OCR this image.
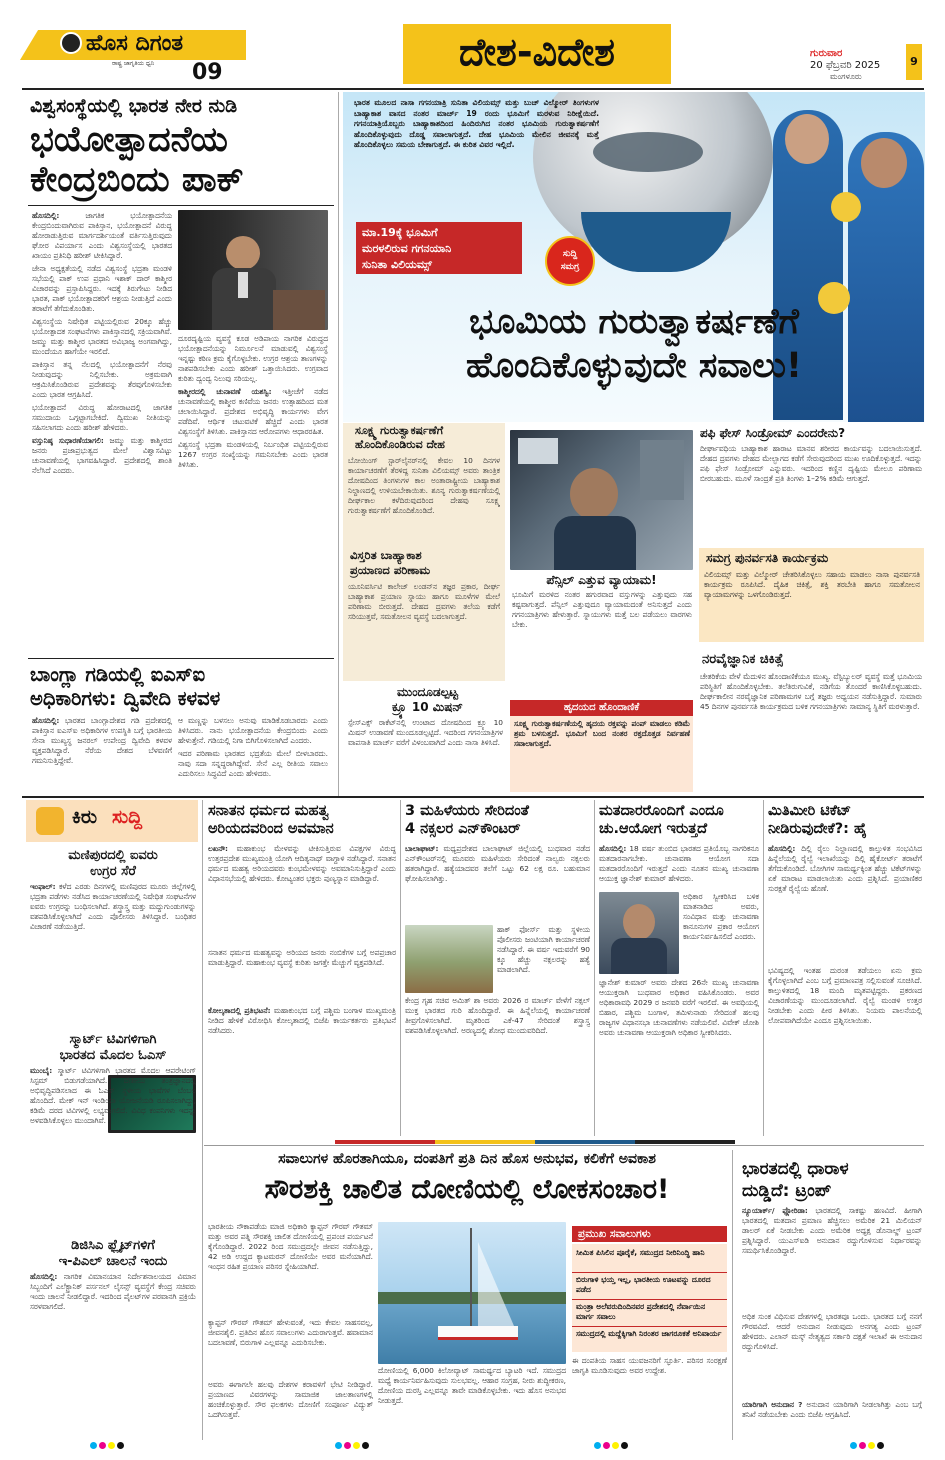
ಹೊಸ ದಿಗಂತ
ರಾಷ್ಟ್ರ ಜಾಗೃತಿಯ ಧ್ವನಿ 09	ದೇಶ-ವಿದೇಶ	ಗುರುವಾರ
20 ಫೆಬ್ರವರಿ 2025
ಮಂಗಳೂರು
9
ವಿಶ್ವಸಂಸ್ಥೆಯಲ್ಲಿ ಭಾರತ ನೇರ ನುಡಿ
ಭಯೋತ್ಪಾದನೆಯ
ಕೇಂದ್ರಬಿಂದು ಪಾಕ್
ಹೊಸದಿಲ್ಲಿ:	ಜಾಗತಿಕ ಭಯೋತ್ಪಾದನೆಯ ಕೇಂದ್ರಬಿಂದುವಾಗಿರುವ ಪಾಕಿಸ್ತಾನ, ಭಯೋತ್ಪಾದನೆ ವಿರುದ್ಧ ಹೋರಾಡುತ್ತಿರುವ ಮಾರ್ಗದರ್ಶಿಯಂತೆ ವರ್ತಿಸುತ್ತಿರುವುದು ಘೋರ ವಿಪರ್ಯಾಸ ಎಂದು ವಿಶ್ವಸಂಸ್ಥೆಯಲ್ಲಿ ಭಾರತದ ಖಾಯಂ ಪ್ರತಿನಿಧಿ ಹರೀಶ್ ಟೀಕಿಸಿದ್ದಾರೆ.
ಜೇನಾ ಅಧ್ಯಕ್ಷತೆಯಲ್ಲಿ ನಡೆದ ವಿಶ್ವಸಂಸ್ಥೆ ಭದ್ರತಾ ಮಂಡಳಿ ಸಭೆಯಲ್ಲಿ ಪಾಕ್ ಉಪ ಪ್ರಧಾನಿ ಇಶಾಕ್ ದಾರ್ ಕಾಶ್ಮೀರ ವಿಚಾರವನ್ನು ಪ್ರಸ್ತಾಪಿಸಿದ್ದರು. ಇದಕ್ಕೆ ತಿರುಗೇಟು ನೀಡಿದ ಭಾರತ, ಪಾಕ್ ಭಯೋತ್ಪಾದಕರಿಗೆ ಆಶ್ರಯ ನೀಡುತ್ತಿದೆ ಎಂದು ತರಾಟೆಗೆ ತೆಗೆದುಕೊಂಡಿತು.
ವಿಶ್ವಸಂಸ್ಥೆಯ ನಿಷೇಧಿತ ಪಟ್ಟಿಯಲ್ಲಿರುವ 20ಕ್ಕೂ ಹೆಚ್ಚು ಭಯೋತ್ಪಾದಕ ಸಂಘಟನೆಗಳು ಪಾಕಿಸ್ತಾನದಲ್ಲಿ ಸಕ್ರಿಯವಾಗಿವೆ. ಜಮ್ಮು ಮತ್ತು ಕಾಶ್ಮೀರ ಭಾರತದ ಅವಿಭಾಜ್ಯ ಅಂಗವಾಗಿದ್ದು, ಮುಂದೆಯೂ ಹಾಗೆಯೇ ಇರಲಿದೆ.
ಪಾಕಿಸ್ತಾನ ತನ್ನ ನೆಲದಲ್ಲಿ ಭಯೋತ್ಪಾದನೆಗೆ ನೆರವು ನೀಡುವುದನ್ನು ನಿಲ್ಲಿಸಬೇಕು. ಅಕ್ರಮವಾಗಿ ಆಕ್ರಮಿಸಿಕೊಂಡಿರುವ ಪ್ರದೇಶವನ್ನು ತೆರವುಗೊಳಿಸಬೇಕು ಎಂದು ಭಾರತ ಆಗ್ರಹಿಸಿದೆ.
ಭಯೋತ್ಪಾದನೆ ವಿರುದ್ಧ ಹೋರಾಟದಲ್ಲಿ ಜಾಗತಿಕ ಸಮುದಾಯ ಒಗ್ಗಟ್ಟಾಗಬೇಕಿದೆ. ದ್ವಿಮುಖ ನೀತಿಯನ್ನು ಸಹಿಸಲಾಗದು ಎಂದು ಹರೀಶ್ ಹೇಳಿದರು.
ವಸ್ತುನಿಷ್ಠ ಸುಧಾರಣೆಯಾಗಲಿ: ಜಮ್ಮು ಮತ್ತು ಕಾಶ್ಮೀರದ ಜನರು ಪ್ರಜಾಪ್ರಭುತ್ವದ ಮೇಲೆ ವಿಶ್ವಾಸವಿಟ್ಟು ಚುನಾವಣೆಯಲ್ಲಿ ಭಾಗವಹಿಸಿದ್ದಾರೆ. ಪ್ರದೇಶದಲ್ಲಿ ಶಾಂತಿ ನೆಲೆಸಿದೆ ಎಂದರು.
ದೂರದೃಷ್ಟಿಯ ವ್ಯವಸ್ಥೆ ಕೂಡ ಅಡಿಪಾಯ ನಾಗರಿಕ ವಿರುದ್ಧದ ಭಯೋತ್ಪಾದನೆಯನ್ನು ನಿರ್ಮೂಲನೆ ಮಾಡುವಲ್ಲಿ ವಿಶ್ವಸಂಸ್ಥೆ ಇನ್ನಷ್ಟು ಕಠಿಣ ಕ್ರಮ ಕೈಗೊಳ್ಳಬೇಕು. ಉಗ್ರರ ಆಶ್ರಯ ತಾಣಗಳನ್ನು ನಾಶಪಡಿಸಬೇಕು ಎಂದು ಹರೀಶ್ ಒತ್ತಾಯಿಸಿದರು. ಉಗ್ರವಾದ ಕುರಿತು ದ್ವಂದ್ವ ನಿಲುವು ಸರಿಯಲ್ಲ.
ಕಾಶ್ಮೀರದಲ್ಲಿ ಚುನಾವಣೆ ಯಶಸ್ವಿ: ಇತ್ತೀಚೆಗೆ ನಡೆದ ಚುನಾವಣೆಯಲ್ಲಿ ಕಾಶ್ಮೀರ ಕಣಿವೆಯ ಜನರು ಉತ್ಸಾಹದಿಂದ ಮತ ಚಲಾಯಿಸಿದ್ದಾರೆ. ಪ್ರದೇಶದ ಅಭಿವೃದ್ಧಿ ಕಾರ್ಯಗಳು ವೇಗ ಪಡೆದಿವೆ. ಆರ್ಥಿಕ ಚಟುವಟಿಕೆ ಹೆಚ್ಚಿದೆ ಎಂದು ಭಾರತ ವಿಶ್ವಸಂಸ್ಥೆಗೆ ತಿಳಿಸಿತು. ಪಾಕಿಸ್ತಾನದ ಆರೋಪಗಳು ಆಧಾರರಹಿತ.
ವಿಶ್ವಸಂಸ್ಥೆ ಭದ್ರತಾ ಮಂಡಳಿಯಲ್ಲಿ ನಿರ್ಬಂಧಿತ ಪಟ್ಟಿಯಲ್ಲಿರುವ 1267 ಉಗ್ರರ ಸಂಖ್ಯೆಯನ್ನು ಗಮನಿಸಬೇಕು ಎಂದು ಭಾರತ ತಿಳಿಸಿತು.
ಬಾಂಗ್ಲಾ ಗಡಿಯಲ್ಲಿ ಐಎಸ್‌ಐ
ಅಧಿಕಾರಿಗಳು: ದ್ವಿವೇದಿ ಕಳವಳ
ಹೊಸದಿಲ್ಲಿ: ಭಾರತದ ಬಾಂಗ್ಲಾದೇಶದ ಗಡಿ ಪ್ರದೇಶದಲ್ಲಿ ಪಾಕಿಸ್ತಾನ ಐಎಸ್‌ಐ ಅಧಿಕಾರಿಗಳ ಉಪಸ್ಥಿತಿ ಬಗ್ಗೆ ಭಾರತೀಯ ಸೇನಾ ಮುಖ್ಯಸ್ಥ ಜನರಲ್ ಉಪೇಂದ್ರ ದ್ವಿವೇದಿ ಕಳವಳ ವ್ಯಕ್ತಪಡಿಸಿದ್ದಾರೆ. ನೆರೆಯ ದೇಶದ ಬೆಳವಣಿಗೆ ಗಮನಿಸುತ್ತಿದ್ದೇವೆ.
ಆ ಮಣ್ಣನ್ನು ಬಳಸಲು ಅನುವು ಮಾಡಿಕೊಡಬಾರದು ಎಂದು ತಿಳಿಸಿದರು. ನಾನು ಭಯೋತ್ಪಾದನೆಯ ಕೇಂದ್ರಬಿಂದು ಎಂದು ಹೇಳುತ್ತೇನೆ. ಗಡಿಯಲ್ಲಿ ನಿಗಾ ಬಿಗಿಗೊಳಿಸಲಾಗಿದೆ ಎಂದರು.
ಇದರ ಪರಿಣಾಮ ಭಾರತದ ಭದ್ರತೆಯ ಮೇಲೆ ಬೀಳಬಾರದು. ನಾವು ಸದಾ ಸನ್ನದ್ಧರಾಗಿದ್ದೇವೆ. ಸೇನೆ ಎಲ್ಲ ರೀತಿಯ ಸವಾಲು ಎದುರಿಸಲು ಸಿದ್ಧವಿದೆ ಎಂದು ಹೇಳಿದರು.
ಭಾರತ ಮೂಲದ ನಾಸಾ ಗಗನಯಾತ್ರಿ ಸುನಿತಾ ವಿಲಿಯಮ್ಸ್ ಮತ್ತು ಬುಚ್ ವಿಲ್ಮೋರ್ ತಿಂಗಳುಗಳ ಬಾಹ್ಯಾಕಾಶ ವಾಸದ ನಂತರ ಮಾರ್ಚ್ 19 ರಂದು ಭೂಮಿಗೆ ಮರಳುವ ನಿರೀಕ್ಷೆಯಿದೆ. ಗಗನಯಾತ್ರಿಯೊಬ್ಬರು ಬಾಹ್ಯಾಕಾಶದಿಂದ ಹಿಂದಿರುಗಿದ ನಂತರ ಭೂಮಿಯ ಗುರುತ್ವಾಕರ್ಷಣೆಗೆ ಹೊಂದಿಕೊಳ್ಳುವುದು ದೊಡ್ಡ ಸವಾಲಾಗುತ್ತದೆ. ದೇಹ ಭೂಮಿಯ ಮೇಲಿನ ಜೀವನಕ್ಕೆ ಮತ್ತೆ ಹೊಂದಿಕೊಳ್ಳಲು ಸಮಯ ಬೇಕಾಗುತ್ತದೆ. ಈ ಕುರಿತ ವಿವರ ಇಲ್ಲಿದೆ.
ಮಾ.19ಕ್ಕೆ ಭೂಮಿಗೆ
ಮರಳಲಿರುವ ಗಗನಯಾನಿ
ಸುನಿತಾ ವಿಲಿಯಮ್ಸ್
ಸುದ್ದಿ
ಸಮಗ್ರ
ಭೂಮಿಯ ಗುರುತ್ವಾಕರ್ಷಣೆಗೆ
ಹೊಂದಿಕೊಳ್ಳುವುದೇ ಸವಾಲು!
ಸೂಕ್ಷ್ಮ ಗುರುತ್ವಾಕರ್ಷಣೆಗೆ
ಹೊಂದಿಕೊಂಡಿರುವ ದೇಹ
ಬೋಯಿಂಗ್ ಸ್ಟಾರ್‌ಲೈನರ್‌ನಲ್ಲಿ ಕೇವಲ 10 ದಿನಗಳ ಕಾರ್ಯಾಚರಣೆಗೆ ತೆರಳಿದ್ದ ಸುನಿತಾ ವಿಲಿಯಮ್ಸ್ ಅವರು ತಾಂತ್ರಿಕ ದೋಷದಿಂದ ತಿಂಗಳುಗಳ ಕಾಲ ಅಂತಾರಾಷ್ಟ್ರೀಯ ಬಾಹ್ಯಾಕಾಶ ನಿಲ್ದಾಣದಲ್ಲಿ ಉಳಿಯಬೇಕಾಯಿತು. ಶೂನ್ಯ ಗುರುತ್ವಾಕರ್ಷಣೆಯಲ್ಲಿ ದೀರ್ಘಕಾಲ ಕಳೆದಿರುವುದರಿಂದ ದೇಹವು ಸೂಕ್ಷ್ಮ ಗುರುತ್ವಾಕರ್ಷಣೆಗೆ ಹೊಂದಿಕೊಂಡಿದೆ.
ವಿಸ್ತರಿತ ಬಾಹ್ಯಾಕಾಶ
ಪ್ರಯಾಣದ ಪರಿಣಾಮ
ಯೂನಿವರ್ಸಿಟಿ ಕಾಲೇಜ್ ಲಂಡನ್‌ನ ತಜ್ಞರ ಪ್ರಕಾರ, ದೀರ್ಘ ಬಾಹ್ಯಾಕಾಶ ಪ್ರಯಾಣ ಸ್ನಾಯು ಹಾಗೂ ಮೂಳೆಗಳ ಮೇಲೆ ಪರಿಣಾಮ ಬೀರುತ್ತದೆ. ದೇಹದ ದ್ರವಗಳು ತಲೆಯ ಕಡೆಗೆ ಸರಿಯುತ್ತವೆ, ಸಮತೋಲನ ವ್ಯವಸ್ಥೆ ಬದಲಾಗುತ್ತದೆ.
ಪೆನ್ಸಿಲ್ ಎತ್ತುವ ವ್ಯಾಯಾಮ!
ಭೂಮಿಗೆ ಮರಳಿದ ನಂತರ ಹಗುರವಾದ ವಸ್ತುಗಳನ್ನು ಎತ್ತುವುದು ಸಹ ಕಷ್ಟವಾಗುತ್ತದೆ. ಪೆನ್ಸಿಲ್ ಎತ್ತುವುದೂ ವ್ಯಾಯಾಮದಂತೆ ಅನಿಸುತ್ತದೆ ಎಂದು ಗಗನಯಾತ್ರಿಗಳು ಹೇಳುತ್ತಾರೆ. ಸ್ನಾಯುಗಳು ಮತ್ತೆ ಬಲ ಪಡೆಯಲು ವಾರಗಳು ಬೇಕು.
ಮುಂದೂಡಲ್ಪಟ್ಟ
ಕ್ರ್ಯೂ 10 ಮಿಷನ್
ಸ್ಪೇಸ್‌ಎಕ್ಸ್ ರಾಕೆಟ್‌ನಲ್ಲಿ ಉಂಟಾದ ದೋಷದಿಂದ ಕ್ರ್ಯೂ 10 ಮಿಷನ್ ಉಡಾವಣೆ ಮುಂದೂಡಲ್ಪಟ್ಟಿದೆ. ಇದರಿಂದ ಗಗನಯಾತ್ರಿಗಳ ವಾಪಸಾತಿ ಮಾರ್ಚ್ ವರೆಗೆ ವಿಳಂಬವಾಗಿದೆ ಎಂದು ನಾಸಾ ತಿಳಿಸಿದೆ.
ಹೃದಯದ ಹೊಂದಾಣಿಕೆ
ಸೂಕ್ಷ್ಮ ಗುರುತ್ವಾಕರ್ಷಣೆಯಲ್ಲಿ ಹೃದಯ ರಕ್ತವನ್ನು ಪಂಪ್ ಮಾಡಲು ಕಡಿಮೆ ಶ್ರಮ ಬಳಸುತ್ತದೆ. ಭೂಮಿಗೆ ಬಂದ ನಂತರ ರಕ್ತದೊತ್ತಡ ನಿರ್ವಹಣೆ ಸವಾಲಾಗುತ್ತದೆ.
ಪಫಿ ಫೇಸ್ ಸಿಂಡ್ರೋಮ್ ಎಂದರೇನು?
ದೀರ್ಘಾವಧಿಯ ಬಾಹ್ಯಾಕಾಶ ಹಾರಾಟ ಮಾನವ ಶರೀರದ ಕಾರ್ಯವನ್ನು ಬದಲಾಯಿಸುತ್ತದೆ. ದೇಹದ ದ್ರವಗಳು ದೇಹದ ಮೇಲ್ಭಾಗದ ಕಡೆಗೆ ಸೇರುವುದರಿಂದ ಮುಖ ಊದಿಕೊಳ್ಳುತ್ತದೆ. ಇದನ್ನು ಪಫಿ ಫೇಸ್ ಸಿಂಡ್ರೋಮ್ ಎನ್ನುವರು. ಇದರಿಂದ ಕಣ್ಣಿನ ದೃಷ್ಟಿಯ ಮೇಲೂ ಪರಿಣಾಮ ಬೀರಬಹುದು. ಮೂಳೆ ಸಾಂದ್ರತೆ ಪ್ರತಿ ತಿಂಗಳು 1–2% ಕಡಿಮೆ ಆಗುತ್ತದೆ.
ಸಮಗ್ರ ಪುನರ್ವಸತಿ ಕಾರ್ಯಕ್ರಮ
ವಿಲಿಯಮ್ಸ್ ಮತ್ತು ವಿಲ್ಮೋರ್ ಚೇತರಿಸಿಕೊಳ್ಳಲು ಸಹಾಯ ಮಾಡಲು ನಾಸಾ ಪುನರ್ವಸತಿ ಕಾರ್ಯಕ್ರಮ ರೂಪಿಸಿದೆ. ದೈಹಿಕ ಚಿಕಿತ್ಸೆ, ಶಕ್ತಿ ತರಬೇತಿ ಹಾಗೂ ಸಮತೋಲನ ವ್ಯಾಯಾಮಗಳನ್ನು ಒಳಗೊಂಡಿರುತ್ತದೆ.
ನರವೈಜ್ಞಾನಿಕ ಚಿಕಿತ್ಸೆ
ಚೇತರಿಕೆಯ ವೇಳೆ ಮೆದುಳಿನ ಹೊಂದಾಣಿಕೆಯೂ ಮುಖ್ಯ. ವೆಸ್ಟಿಬ್ಯುಲರ್ ವ್ಯವಸ್ಥೆ ಮತ್ತೆ ಭೂಮಿಯ ಪರಿಸ್ಥಿತಿಗೆ ಹೊಂದಿಕೊಳ್ಳಬೇಕು. ತಲೆತಿರುಗುವಿಕೆ, ನಡಿಗೆಯ ತೊಂದರೆ ಕಾಣಿಸಿಕೊಳ್ಳಬಹುದು. ದೀರ್ಘಕಾಲೀನ ನರವೈಜ್ಞಾನಿಕ ಪರಿಣಾಮಗಳ ಬಗ್ಗೆ ತಜ್ಞರು ಅಧ್ಯಯನ ನಡೆಸುತ್ತಿದ್ದಾರೆ. ಸುಮಾರು 45 ದಿನಗಳ ಪುನರ್ವಸತಿ ಕಾರ್ಯಕ್ರಮದ ಬಳಿಕ ಗಗನಯಾತ್ರಿಗಳು ಸಾಮಾನ್ಯ ಸ್ಥಿತಿಗೆ ಮರಳುತ್ತಾರೆ.
ಕಿರು ಸುದ್ದಿ
ಮಣಿಪುರದಲ್ಲಿ ಐವರು
ಉಗ್ರರ ಸೆರೆ
ಇಂಫಾಲ್: ಕಳೆದ ಎರಡು ದಿನಗಳಲ್ಲಿ ಮಣಿಪುರದ ಮೂರು ಜಿಲ್ಲೆಗಳಲ್ಲಿ ಭದ್ರತಾ ಪಡೆಗಳು ನಡೆಸಿದ ಕಾರ್ಯಾಚರಣೆಯಲ್ಲಿ ನಿಷೇಧಿತ ಸಂಘಟನೆಗಳ ಐವರು ಉಗ್ರರನ್ನು ಬಂಧಿಸಲಾಗಿದೆ. ಶಸ್ತ್ರಾಸ್ತ್ರ ಮತ್ತು ಮದ್ದುಗುಂಡುಗಳನ್ನು ವಶಪಡಿಸಿಕೊಳ್ಳಲಾಗಿದೆ ಎಂದು ಪೊಲೀಸರು ತಿಳಿಸಿದ್ದಾರೆ. ಬಂಧಿತರ ವಿಚಾರಣೆ ನಡೆಯುತ್ತಿದೆ.
ಸ್ಮಾರ್ಟ್ ಟಿವಿಗಳಿಗಾಗಿ
ಭಾರತದ ಮೊದಲ ಓಎಸ್
ಮುಂಬೈ: ಸ್ಮಾರ್ಟ್ ಟಿವಿಗಳಿಗಾಗಿ ಭಾರತದ ಮೊದಲ ಆಪರೇಟಿಂಗ್ ಸಿಸ್ಟಮ್ ಬಿಡುಗಡೆಯಾಗಿದೆ. ದೇಶೀಯ ತಂತ್ರಜ್ಞಾನದಲ್ಲಿ ಅಭಿವೃದ್ಧಿಪಡಿಸಲಾದ ಈ ಓಎಸ್ ಸ್ಥಳೀಯ ಭಾಷೆಗಳ ಬೆಂಬಲ ಹೊಂದಿದೆ. ಮೇಕ್ ಇನ್ ಇಂಡಿಯಾ ಯೋಜನೆಯಡಿ ರೂಪಿಸಲಾಗಿದ್ದು, ಕಡಿಮೆ ದರದ ಟಿವಿಗಳಲ್ಲಿ ಲಭ್ಯವಾಗಲಿದೆ. ವಿವಿಧ ಕಂಪನಿಗಳು ಇದನ್ನು ಅಳವಡಿಸಿಕೊಳ್ಳಲು ಮುಂದಾಗಿವೆ.
ಡಿಜಿಸಿಎ ಫ್ಲೈಟ್‌ಗಳಿಗೆ
ಇ-ಪಿಎಲ್ ಚಾಲನೆ ಇಂದು
ಹೊಸದಿಲ್ಲಿ: ನಾಗರಿಕ ವಿಮಾನಯಾನ ನಿರ್ದೇಶನಾಲಯದ ವಿಮಾನ ಸಿಬ್ಬಂದಿಗೆ ಎಲೆಕ್ಟ್ರಾನಿಕ್ ಪರ್ಸನಲ್ ಲೈಸನ್ಸ್ ವ್ಯವಸ್ಥೆಗೆ ಕೇಂದ್ರ ಸಚಿವರು ಇಂದು ಚಾಲನೆ ನೀಡಲಿದ್ದಾರೆ. ಇದರಿಂದ ಪೈಲಟ್‌ಗಳ ಪರವಾನಗಿ ಪ್ರಕ್ರಿಯೆ ಸರಳವಾಗಲಿದೆ.
ಸನಾತನ ಧರ್ಮದ ಮಹತ್ವ
ಅರಿಯದವರಿಂದ ಅವಮಾನ
ಲಖನೌ: ಮಹಾಕುಂಭ ಮೇಳವನ್ನು ಟೀಕಿಸುತ್ತಿರುವ ವಿಪಕ್ಷಗಳ ವಿರುದ್ಧ ಉತ್ತರಪ್ರದೇಶ ಮುಖ್ಯಮಂತ್ರಿ ಯೋಗಿ ಆದಿತ್ಯನಾಥ್ ವಾಗ್ದಾಳಿ ನಡೆಸಿದ್ದಾರೆ. ಸನಾತನ ಧರ್ಮದ ಮಹತ್ವ ಅರಿಯದವರು ಕುಂಭಮೇಳವನ್ನು ಅವಮಾನಿಸುತ್ತಿದ್ದಾರೆ ಎಂದು ವಿಧಾನಸಭೆಯಲ್ಲಿ ಹೇಳಿದರು. ಕೋಟ್ಯಂತರ ಭಕ್ತರು ಪುಣ್ಯಸ್ನಾನ ಮಾಡಿದ್ದಾರೆ.
ಸನಾತನ ಧರ್ಮದ ಮಹತ್ವವನ್ನು ಅರಿಯದ ಜನರು ನಂಬಿಕೆಗಳ ಬಗ್ಗೆ ಅಪಪ್ರಚಾರ ಮಾಡುತ್ತಿದ್ದಾರೆ. ಮಹಾಕುಂಭ ವ್ಯವಸ್ಥೆ ಕುರಿತು ಜಗತ್ತೇ ಮೆಚ್ಚುಗೆ ವ್ಯಕ್ತಪಡಿಸಿದೆ.
ಕೋಲ್ಕತಾದಲ್ಲಿ ಪ್ರತಿಭಟನೆ: ಮಹಾಕುಂಭದ ಬಗ್ಗೆ ಪಶ್ಚಿಮ ಬಂಗಾಳ ಮುಖ್ಯಮಂತ್ರಿ ನೀಡಿದ ಹೇಳಿಕೆ ವಿರೋಧಿಸಿ ಕೋಲ್ಕತಾದಲ್ಲಿ ಬಿಜೆಪಿ ಕಾರ್ಯಕರ್ತರು ಪ್ರತಿಭಟನೆ ನಡೆಸಿದರು.
3 ಮಹಿಳೆಯರು ಸೇರಿದಂತೆ
4 ನಕ್ಸಲರ ಎನ್‌ಕೌಂಟರ್
ಬಾಲಾಘಾಟ್: ಮಧ್ಯಪ್ರದೇಶದ ಬಾಲಾಘಾಟ್ ಜಿಲ್ಲೆಯಲ್ಲಿ ಬುಧವಾರ ನಡೆದ ಎನ್‌ಕೌಂಟರ್‌ನಲ್ಲಿ ಮೂವರು ಮಹಿಳೆಯರು ಸೇರಿದಂತೆ ನಾಲ್ವರು ನಕ್ಸಲರು ಹತರಾಗಿದ್ದಾರೆ. ಹತ್ಯೆಯಾದವರ ತಲೆಗೆ ಒಟ್ಟು 62 ಲಕ್ಷ ರೂ. ಬಹುಮಾನ ಘೋಷಿಸಲಾಗಿತ್ತು.
ಹಾಕ್ ಫೋರ್ಸ್ ಮತ್ತು ಸ್ಥಳೀಯ ಪೊಲೀಸರು ಜಂಟಿಯಾಗಿ ಕಾರ್ಯಾಚರಣೆ ನಡೆಸಿದ್ದಾರೆ. ಈ ವರ್ಷ ಇದುವರೆಗೆ 90 ಕ್ಕೂ ಹೆಚ್ಚು ನಕ್ಸಲರನ್ನು ಹತ್ಯೆ ಮಾಡಲಾಗಿದೆ.
ಕೇಂದ್ರ ಗೃಹ ಸಚಿವ ಅಮಿತ್ ಶಾ ಅವರು 2026 ರ ಮಾರ್ಚ್ ವೇಳೆಗೆ ನಕ್ಸಲ್ ಮುಕ್ತ ಭಾರತದ ಗುರಿ ಹೊಂದಿದ್ದಾರೆ. ಈ ಹಿನ್ನೆಲೆಯಲ್ಲಿ ಕಾರ್ಯಾಚರಣೆ ತೀವ್ರಗೊಳಿಸಲಾಗಿದೆ. ಮೃತರಿಂದ ಎಕೆ-47 ಸೇರಿದಂತೆ ಶಸ್ತ್ರಾಸ್ತ್ರ ವಶಪಡಿಸಿಕೊಳ್ಳಲಾಗಿದೆ. ಅರಣ್ಯದಲ್ಲಿ ಶೋಧ ಮುಂದುವರಿದಿದೆ.
ಮತದಾರರೊಂದಿಗೆ ಎಂದೂ
ಚು.ಆಯೋಗ ಇರುತ್ತದೆ
ಹೊಸದಿಲ್ಲಿ: 18 ವರ್ಷ ತುಂಬಿದ ಭಾರತದ ಪ್ರತಿಯೊಬ್ಬ ನಾಗರಿಕನೂ ಮತದಾರನಾಗಬೇಕು. ಚುನಾವಣಾ ಆಯೋಗ ಸದಾ ಮತದಾರರೊಂದಿಗೆ ಇರುತ್ತದೆ ಎಂದು ನೂತನ ಮುಖ್ಯ ಚುನಾವಣಾ ಆಯುಕ್ತ ಜ್ಞಾನೇಶ್ ಕುಮಾರ್ ಹೇಳಿದರು.
ಅಧಿಕಾರ ಸ್ವೀಕರಿಸಿದ ಬಳಿಕ ಮಾತನಾಡಿದ ಅವರು, ಸಂವಿಧಾನ ಮತ್ತು ಚುನಾವಣಾ ಕಾನೂನುಗಳ ಪ್ರಕಾರ ಆಯೋಗ ಕಾರ್ಯನಿರ್ವಹಿಸಲಿದೆ ಎಂದರು.
ಜ್ಞಾನೇಶ್ ಕುಮಾರ್ ಅವರು ದೇಶದ 26ನೇ ಮುಖ್ಯ ಚುನಾವಣಾ ಆಯುಕ್ತರಾಗಿ ಬುಧವಾರ ಅಧಿಕಾರ ವಹಿಸಿಕೊಂಡರು. ಅವರ ಅಧಿಕಾರಾವಧಿ 2029 ರ ಜನವರಿ ವರೆಗೆ ಇರಲಿದೆ. ಈ ಅವಧಿಯಲ್ಲಿ ಬಿಹಾರ, ಪಶ್ಚಿಮ ಬಂಗಾಳ, ತಮಿಳುನಾಡು ಸೇರಿದಂತೆ ಹಲವು ರಾಜ್ಯಗಳ ವಿಧಾನಸಭಾ ಚುನಾವಣೆಗಳು ನಡೆಯಲಿವೆ. ವಿವೇಕ್ ಜೋಶಿ ಅವರು ಚುನಾವಣಾ ಆಯುಕ್ತರಾಗಿ ಅಧಿಕಾರ ಸ್ವೀಕರಿಸಿದರು.
ಮಿತಿಮೀರಿ ಟಿಕೆಟ್
ನೀಡಿರುವುದೇಕೆ?: ಹೈ
ಹೊಸದಿಲ್ಲಿ: ದಿಲ್ಲಿ ರೈಲು ನಿಲ್ದಾಣದಲ್ಲಿ ಕಾಲ್ತುಳಿತ ಸಂಭವಿಸಿದ ಹಿನ್ನೆಲೆಯಲ್ಲಿ ರೈಲ್ವೆ ಇಲಾಖೆಯನ್ನು ದಿಲ್ಲಿ ಹೈಕೋರ್ಟ್ ತರಾಟೆಗೆ ತೆಗೆದುಕೊಂಡಿದೆ. ಬೋಗಿಗಳ ಸಾಮರ್ಥ್ಯಕ್ಕಿಂತ ಹೆಚ್ಚು ಟಿಕೆಟ್‌ಗಳನ್ನು ಏಕೆ ಮಾರಾಟ ಮಾಡಲಾಯಿತು ಎಂದು ಪ್ರಶ್ನಿಸಿದೆ. ಪ್ರಯಾಣಿಕರ ಸುರಕ್ಷತೆ ರೈಲ್ವೆಯ ಹೊಣೆ.
ಭವಿಷ್ಯದಲ್ಲಿ ಇಂತಹ ದುರಂತ ತಡೆಯಲು ಏನು ಕ್ರಮ ಕೈಗೊಳ್ಳಲಾಗಿದೆ ಎಂಬ ಬಗ್ಗೆ ಪ್ರಮಾಣಪತ್ರ ಸಲ್ಲಿಸುವಂತೆ ಸೂಚಿಸಿದೆ. ಕಾಲ್ತುಳಿತದಲ್ಲಿ 18 ಮಂದಿ ಮೃತಪಟ್ಟಿದ್ದರು. ಪ್ರಕರಣದ ವಿಚಾರಣೆಯನ್ನು ಮುಂದೂಡಲಾಗಿದೆ. ರೈಲ್ವೆ ಮಂಡಳಿ ಉತ್ತರ ನೀಡಬೇಕು ಎಂದು ಪೀಠ ತಿಳಿಸಿತು. ನಿಯಮ ಪಾಲನೆಯಲ್ಲಿ ಲೋಪವಾಗಿದೆಯೇ ಎಂದೂ ಪ್ರಶ್ನಿಸಲಾಯಿತು.
ಸವಾಲುಗಳ ಹೊರತಾಗಿಯೂ, ದಂಪತಿಗೆ ಪ್ರತಿ ದಿನ ಹೊಸ ಅನುಭವ, ಕಲಿಕೆಗೆ ಅವಕಾಶ
ಸೌರಶಕ್ತಿ ಚಾಲಿತ ದೋಣಿಯಲ್ಲಿ ಲೋಕಸಂಚಾರ!
ಭಾರತೀಯ ನೌಕಾಪಡೆಯ ಮಾಜಿ ಅಧಿಕಾರಿ ಕ್ಯಾಪ್ಟನ್ ಗೌರವ್ ಗೌತಮ್ ಮತ್ತು ಅವರ ಪತ್ನಿ ಸೌರಶಕ್ತಿ ಚಾಲಿತ ದೋಣಿಯಲ್ಲಿ ಪ್ರಪಂಚ ಪರ್ಯಟನೆ ಕೈಗೊಂಡಿದ್ದಾರೆ. 2022 ರಿಂದ ಸಮುದ್ರದಲ್ಲೇ ಜೀವನ ನಡೆಸುತ್ತಿದ್ದು, 42 ಅಡಿ ಉದ್ದದ ಕ್ಯಾಟಮರನ್ ದೋಣಿಯೇ ಅವರ ಮನೆಯಾಗಿದೆ. ಇಂಧನ ರಹಿತ ಪ್ರಯಾಣ ಪರಿಸರ ಸ್ನೇಹಿಯಾಗಿದೆ.
ಕ್ಯಾಪ್ಟನ್ ಗೌರವ್ ಗೌತಮ್ ಹೇಳುವಂತೆ, ಇದು ಕೇವಲ ಸಾಹಸವಲ್ಲ, ಜೀವನಶೈಲಿ. ಪ್ರತಿದಿನ ಹೊಸ ಸವಾಲುಗಳು ಎದುರಾಗುತ್ತವೆ. ಹವಾಮಾನ ಬದಲಾವಣೆ, ಬಿರುಗಾಳಿ ಎಲ್ಲವನ್ನೂ ಎದುರಿಸಬೇಕು.
ಅವರು ಈಗಾಗಲೇ ಹಲವು ದೇಶಗಳ ಕರಾವಳಿಗೆ ಭೇಟಿ ನೀಡಿದ್ದಾರೆ. ಪ್ರಯಾಣದ ವಿವರಗಳನ್ನು ಸಾಮಾಜಿಕ ಜಾಲತಾಣಗಳಲ್ಲಿ ಹಂಚಿಕೊಳ್ಳುತ್ತಾರೆ. ಸೌರ ಫಲಕಗಳು ದೋಣಿಗೆ ಸಂಪೂರ್ಣ ವಿದ್ಯುತ್ ಒದಗಿಸುತ್ತವೆ.
ದೋಣಿಯಲ್ಲಿ 6,000 ಕಿಲೋವ್ಯಾಟ್ ಸಾಮರ್ಥ್ಯದ ಬ್ಯಾಟರಿ ಇದೆ. ಸಮುದ್ರದ ಮಧ್ಯೆ ಕಾರ್ಯನಿರ್ವಹಿಸುವುದು ಸುಲಭವಲ್ಲ. ಆಹಾರ ಸಂಗ್ರಹ, ನೀರು ಶುದ್ಧೀಕರಣ, ದೋಣಿಯ ದುರಸ್ತಿ ಎಲ್ಲವನ್ನೂ ತಾವೇ ಮಾಡಿಕೊಳ್ಳಬೇಕು. ಇದು ಹೊಸ ಅನುಭವ ನೀಡುತ್ತದೆ.
ಪ್ರಮುಖ ಸವಾಲುಗಳು
ಸೀಮಿತ ಪಿಸಿಲಿನ ಪೂರೈಕೆ, ಸಮುದ್ರದ ನೀರಿನಿಂದ್ಧಿ ಹಾನಿ
ಬಿರುಗಾಳಿ ಭಯ್ತ ಇಲ್ಲ, ಭಾರತೀಯ ಊಟವನ್ನು ದೂರದ ಪಡೆದ
ಮಂತ್ರಾ ಅಲೆವರುದಿಂದಿನವರ ಪ್ರದೇಶದಲ್ಲಿ ನೆರ್ವಾಯಿನ ಮಾರ್ಗ ಸವಾಲು
ಸಮುದ್ರದಲ್ಲಿ ಮದ್ದೆಕ್ಕಿಗಾಗಿ ನಿರಂತರ ಜಾಗರೂಕತೆ ಅನಿವಾರ್ಯ
ಈ ದಂಪತಿಯ ಸಾಹಸ ಯುವಜನರಿಗೆ ಸ್ಫೂರ್ತಿ. ಪರಿಸರ ಸಂರಕ್ಷಣೆ ಜಾಗೃತಿ ಮೂಡಿಸುವುದು ಅವರ ಉದ್ದೇಶ.
ಭಾರತದಲ್ಲಿ ಧಾರಾಳ
ದುಡ್ಡಿದೆ: ಟ್ರಂಪ್
ನ್ಯೂಯಾರ್ಕ್/ ಫ್ಲೋರಿಡಾ: ಭಾರತದಲ್ಲಿ ಸಾಕಷ್ಟು ಹಣವಿದೆ. ಹೀಗಾಗಿ ಭಾರತದಲ್ಲಿ ಮತದಾನ ಪ್ರಮಾಣ ಹೆಚ್ಚಿಸಲು ಅಮೆರಿಕ 21 ಮಿಲಿಯನ್ ಡಾಲರ್ ಏಕೆ ನೀಡಬೇಕು ಎಂದು ಅಮೆರಿಕ ಅಧ್ಯಕ್ಷ ಡೊನಾಲ್ಡ್ ಟ್ರಂಪ್ ಪ್ರಶ್ನಿಸಿದ್ದಾರೆ. ಯುಎಸ್ಐಡಿ ಅನುದಾನ ರದ್ದುಗೊಳಿಸುವ ನಿರ್ಧಾರವನ್ನು ಸಮರ್ಥಿಸಿಕೊಂಡಿದ್ದಾರೆ.
ಅಧಿಕ ಸುಂಕ ವಿಧಿಸುವ ದೇಶಗಳಲ್ಲಿ ಭಾರತವೂ ಒಂದು. ಭಾರತದ ಬಗ್ಗೆ ನನಗೆ ಗೌರವವಿದೆ. ಆದರೆ ಅನುದಾನ ನೀಡುವುದು ಅನಗತ್ಯ ಎಂದು ಟ್ರಂಪ್ ಹೇಳಿದರು. ಎಲಾನ್ ಮಸ್ಕ್ ನೇತೃತ್ವದ ಸರ್ಕಾರಿ ದಕ್ಷತೆ ಇಲಾಖೆ ಈ ಅನುದಾನ ರದ್ದುಗೊಳಿಸಿದೆ.
ಯಾರಿಗಾಗಿ ಅನುದಾನ ? ಅನುದಾನ ಯಾರಿಗಾಗಿ ನೀಡಲಾಗಿತ್ತು ಎಂಬ ಬಗ್ಗೆ ತನಿಖೆ ನಡೆಯಬೇಕು ಎಂದು ಬಿಜೆಪಿ ಆಗ್ರಹಿಸಿದೆ.
